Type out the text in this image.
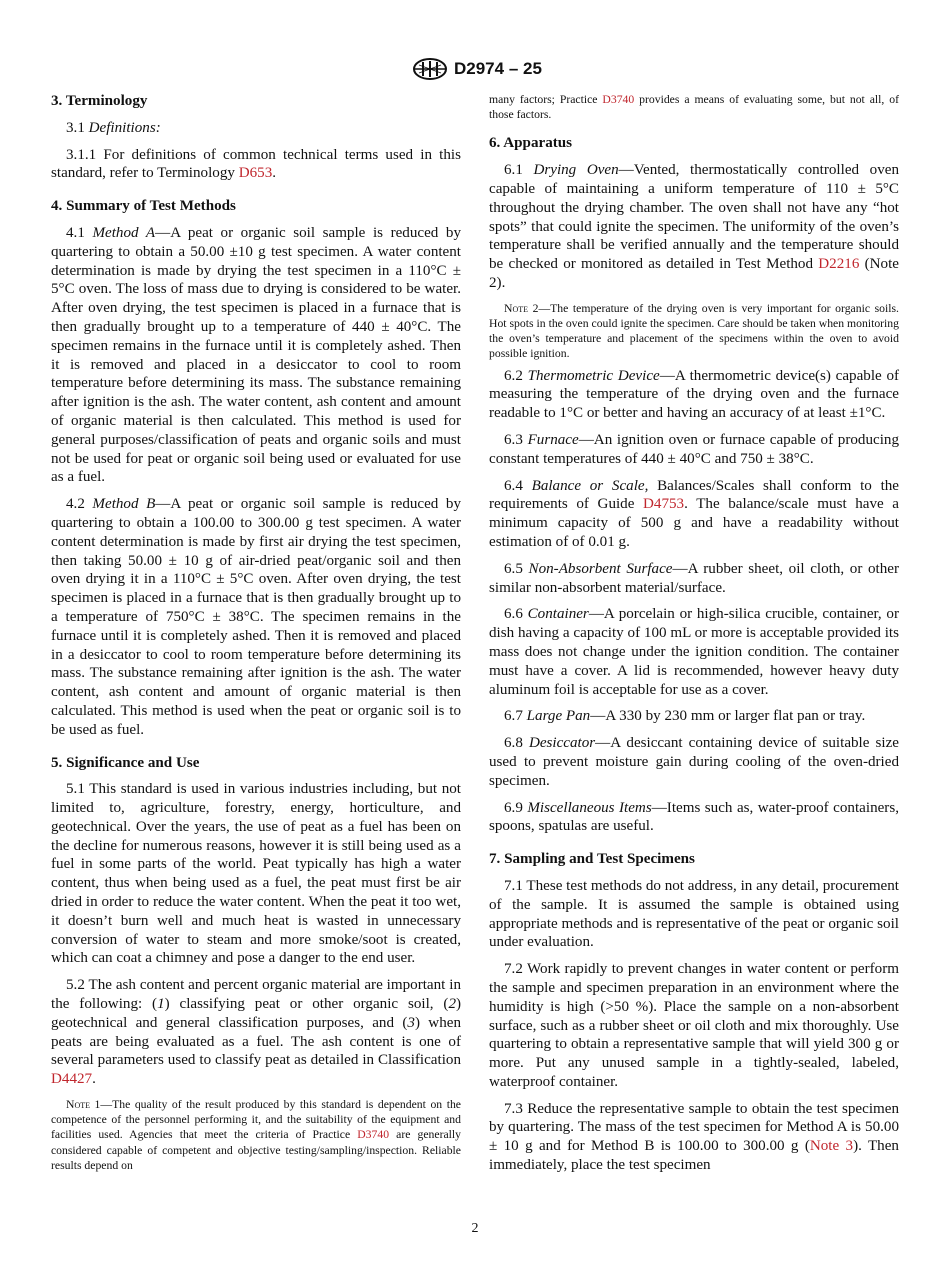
D2974 – 25
3. Terminology
3.1 Definitions:
3.1.1 For definitions of common technical terms used in this standard, refer to Terminology D653.
4. Summary of Test Methods
4.1 Method A—A peat or organic soil sample is reduced by quartering to obtain a 50.00 ±10 g test specimen. A water content determination is made by drying the test specimen in a 110°C ± 5°C oven. The loss of mass due to drying is considered to be water. After oven drying, the test specimen is placed in a furnace that is then gradually brought up to a temperature of 440 ± 40°C. The specimen remains in the furnace until it is completely ashed. Then it is removed and placed in a desiccator to cool to room temperature before determining its mass. The substance remaining after ignition is the ash. The water content, ash content and amount of organic material is then calculated. This method is used for general purposes/classification of peats and organic soils and must not be used for peat or organic soil being used or evaluated for use as a fuel.
4.2 Method B—A peat or organic soil sample is reduced by quartering to obtain a 100.00 to 300.00 g test specimen. A water content determination is made by first air drying the test specimen, then taking 50.00 ± 10 g of air-dried peat/organic soil and then oven drying it in a 110°C ± 5°C oven. After oven drying, the test specimen is placed in a furnace that is then gradually brought up to a temperature of 750°C ± 38°C. The specimen remains in the furnace until it is completely ashed. Then it is removed and placed in a desiccator to cool to room temperature before determining its mass. The substance remaining after ignition is the ash. The water content, ash content and amount of organic material is then calculated. This method is used when the peat or organic soil is to be used as fuel.
5. Significance and Use
5.1 This standard is used in various industries including, but not limited to, agriculture, forestry, energy, horticulture, and geotechnical. Over the years, the use of peat as a fuel has been on the decline for numerous reasons, however it is still being used as a fuel in some parts of the world. Peat typically has high a water content, thus when being used as a fuel, the peat must first be air dried in order to reduce the water content. When the peat it too wet, it doesn’t burn well and much heat is wasted in unnecessary conversion of water to steam and more smoke/soot is created, which can coat a chimney and pose a danger to the end user.
5.2 The ash content and percent organic material are important in the following: (1) classifying peat or other organic soil, (2) geotechnical and general classification purposes, and (3) when peats are being evaluated as a fuel. The ash content is one of several parameters used to classify peat as detailed in Classification D4427.
Note 1—The quality of the result produced by this standard is dependent on the competence of the personnel performing it, and the suitability of the equipment and facilities used. Agencies that meet the criteria of Practice D3740 are generally considered capable of competent and objective testing/sampling/inspection. Reliable results depend on
many factors; Practice D3740 provides a means of evaluating some, but not all, of those factors.
6. Apparatus
6.1 Drying Oven—Vented, thermostatically controlled oven capable of maintaining a uniform temperature of 110 ± 5°C throughout the drying chamber. The oven shall not have any “hot spots” that could ignite the specimen. The uniformity of the oven’s temperature shall be verified annually and the temperature should be checked or monitored as detailed in Test Method D2216 (Note 2).
Note 2—The temperature of the drying oven is very important for organic soils. Hot spots in the oven could ignite the specimen. Care should be taken when monitoring the oven’s temperature and placement of the specimens within the oven to avoid possible ignition.
6.2 Thermometric Device—A thermometric device(s) capable of measuring the temperature of the drying oven and the furnace readable to 1°C or better and having an accuracy of at least ±1°C.
6.3 Furnace—An ignition oven or furnace capable of producing constant temperatures of 440 ± 40°C and 750 ± 38°C.
6.4 Balance or Scale, Balances/Scales shall conform to the requirements of Guide D4753. The balance/scale must have a minimum capacity of 500 g and have a readability without estimation of of 0.01 g.
6.5 Non-Absorbent Surface—A rubber sheet, oil cloth, or other similar non-absorbent material/surface.
6.6 Container—A porcelain or high-silica crucible, container, or dish having a capacity of 100 mL or more is acceptable provided its mass does not change under the ignition condition. The container must have a cover. A lid is recommended, however heavy duty aluminum foil is acceptable for use as a cover.
6.7 Large Pan—A 330 by 230 mm or larger flat pan or tray.
6.8 Desiccator—A desiccant containing device of suitable size used to prevent moisture gain during cooling of the oven-dried specimen.
6.9 Miscellaneous Items—Items such as, water-proof containers, spoons, spatulas are useful.
7. Sampling and Test Specimens
7.1 These test methods do not address, in any detail, procurement of the sample. It is assumed the sample is obtained using appropriate methods and is representative of the peat or organic soil under evaluation.
7.2 Work rapidly to prevent changes in water content or perform the sample and specimen preparation in an environment where the humidity is high (>50 %). Place the sample on a non-absorbent surface, such as a rubber sheet or oil cloth and mix thoroughly. Use quartering to obtain a representative sample that will yield 300 g or more. Put any unused sample in a tightly-sealed, labeled, waterproof container.
7.3 Reduce the representative sample to obtain the test specimen by quartering. The mass of the test specimen for Method A is 50.00 ± 10 g and for Method B is 100.00 to 300.00 g (Note 3). Then immediately, place the test specimen
2
